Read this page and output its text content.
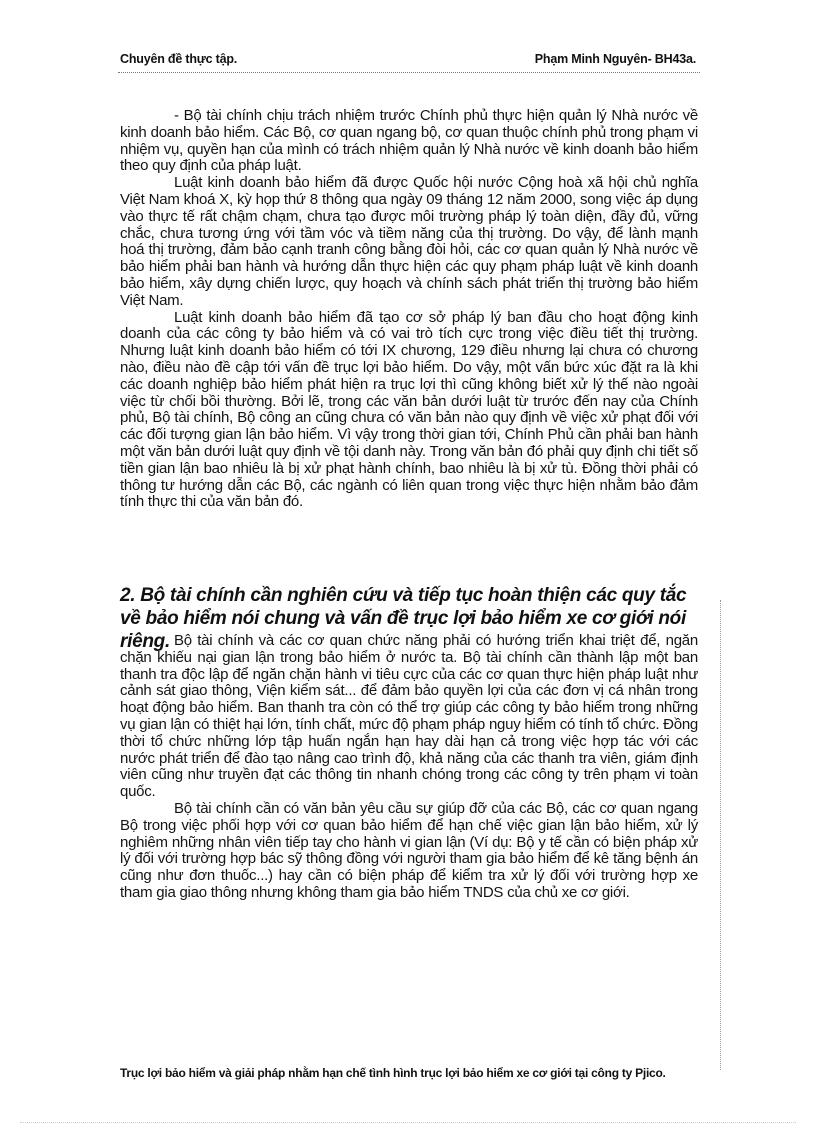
Chuyên đề thực tập.	Phạm Minh Nguyên- BH43a.

- Bộ tài chính chịu trách nhiệm trước Chính phủ thực hiện quản lý Nhà nước về kinh doanh bảo hiểm. Các Bộ, cơ quan ngang bộ, cơ quan thuộc chính phủ trong phạm vi nhiệm vụ, quyền hạn của mình có trách nhiệm quản lý Nhà nước về kinh doanh bảo hiểm theo quy định của pháp luật.

Luật kinh doanh bảo hiểm đã được Quốc hội nước Cộng hoà xã hội chủ nghĩa Việt Nam khoá X, kỳ họp thứ 8 thông qua ngày 09 tháng 12 năm 2000, song việc áp dụng vào thực tế rất chậm chạm, chưa tạo được môi trường pháp lý toàn diện, đầy đủ, vững chắc, chưa tương ứng với tầm vóc và tiềm năng của thị trường. Do vậy, để lành mạnh hoá thị trường, đảm bảo cạnh tranh công bằng đòi hỏi, các cơ quan quản lý Nhà nước về bảo hiểm phải ban hành và hướng dẫn thực hiện các quy phạm pháp luật về kinh doanh bảo hiểm, xây dựng chiến lược, quy hoạch và chính sách phát triển thị trường bảo hiểm Việt Nam.

Luật kinh doanh bảo hiểm đã tạo cơ sở pháp lý ban đầu cho hoạt động kinh doanh của các công ty bảo hiểm và có vai trò tích cực trong việc điều tiết thị trường. Nhưng luật kinh doanh bảo hiểm có tới IX chương, 129 điều nhưng lại chưa có chương nào, điều nào đề cập tới vấn đề trục lợi bảo hiểm. Do vậy, một vấn bức xúc đặt ra là khi các doanh nghiệp bảo hiểm phát hiện ra trục lợi thì cũng không biết xử lý thế nào ngoài việc từ chối bồi thường. Bởi lẽ, trong các văn bản dưới luật từ trước đến nay của Chính phủ, Bộ tài chính, Bộ công an cũng chưa có văn bản nào quy định về việc xử phạt đối với các đối tượng gian lận bảo hiểm. Vì vậy trong thời gian tới, Chính Phủ cần phải ban hành một văn bản dưới luật quy định về tội danh này. Trong văn bản đó phải quy định chi tiết số tiền gian lận bao nhiêu là bị xử phạt hành chính, bao nhiêu là bị xử tù. Đồng thời phải có thông tư hướng dẫn các Bộ, các ngành có liên quan trong việc thực hiện nhằm bảo đảm tính thực thi của văn bản đó.

2. Bộ tài chính cần nghiên cứu và tiếp tục hoàn thiện các quy tắc về bảo hiểm nói chung và vấn đề trục lợi bảo hiểm xe cơ giới nói riêng. Bộ tài chính và các cơ quan chức năng phải có hướng triển khai triệt để, ngăn chặn khiếu nại gian lận trong bảo hiểm ở nước ta. Bộ tài chính cần thành lập một ban thanh tra độc lập để ngăn chặn hành vi tiêu cực của các cơ quan thực hiện pháp luật như cảnh sát giao thông, Viện kiểm sát... để đảm bảo quyền lợi của các đơn vị cá nhân trong hoạt động bảo hiểm. Ban thanh tra còn có thể trợ giúp các công ty bảo hiểm trong những vụ gian lận có thiệt hại lớn, tính chất, mức độ phạm pháp nguy hiểm có tính tổ chức. Đồng thời tổ chức những lớp tập huấn ngắn hạn hay dài hạn cả trong việc hợp tác với các nước phát triển để đào tạo nâng cao trình độ, khả năng của các thanh tra viên, giám định viên cũng như truyền đạt các thông tin nhanh chóng trong các công ty trên phạm vi toàn quốc.

Bộ tài chính cần có văn bản yêu cầu sự giúp đỡ của các Bộ, các cơ quan ngang Bộ trong việc phối hợp với cơ quan bảo hiểm để hạn chế việc gian lận bảo hiểm, xử lý nghiêm những nhân viên tiếp tay cho hành vi gian lận (Ví dụ: Bộ y tế cần có biện pháp xử lý đối với trường hợp bác sỹ thông đồng với người tham gia bảo hiểm để kê tăng bệnh án cũng như đơn thuốc...) hay cần có biện pháp để kiểm tra xử lý đối với trường hợp xe tham gia giao thông nhưng không tham gia bảo hiểm TNDS của chủ xe cơ giới.

Trục lợi bảo hiểm và giải pháp nhằm hạn chế tình hình trục lợi bảo hiểm xe cơ giới tại công ty Pjico.
